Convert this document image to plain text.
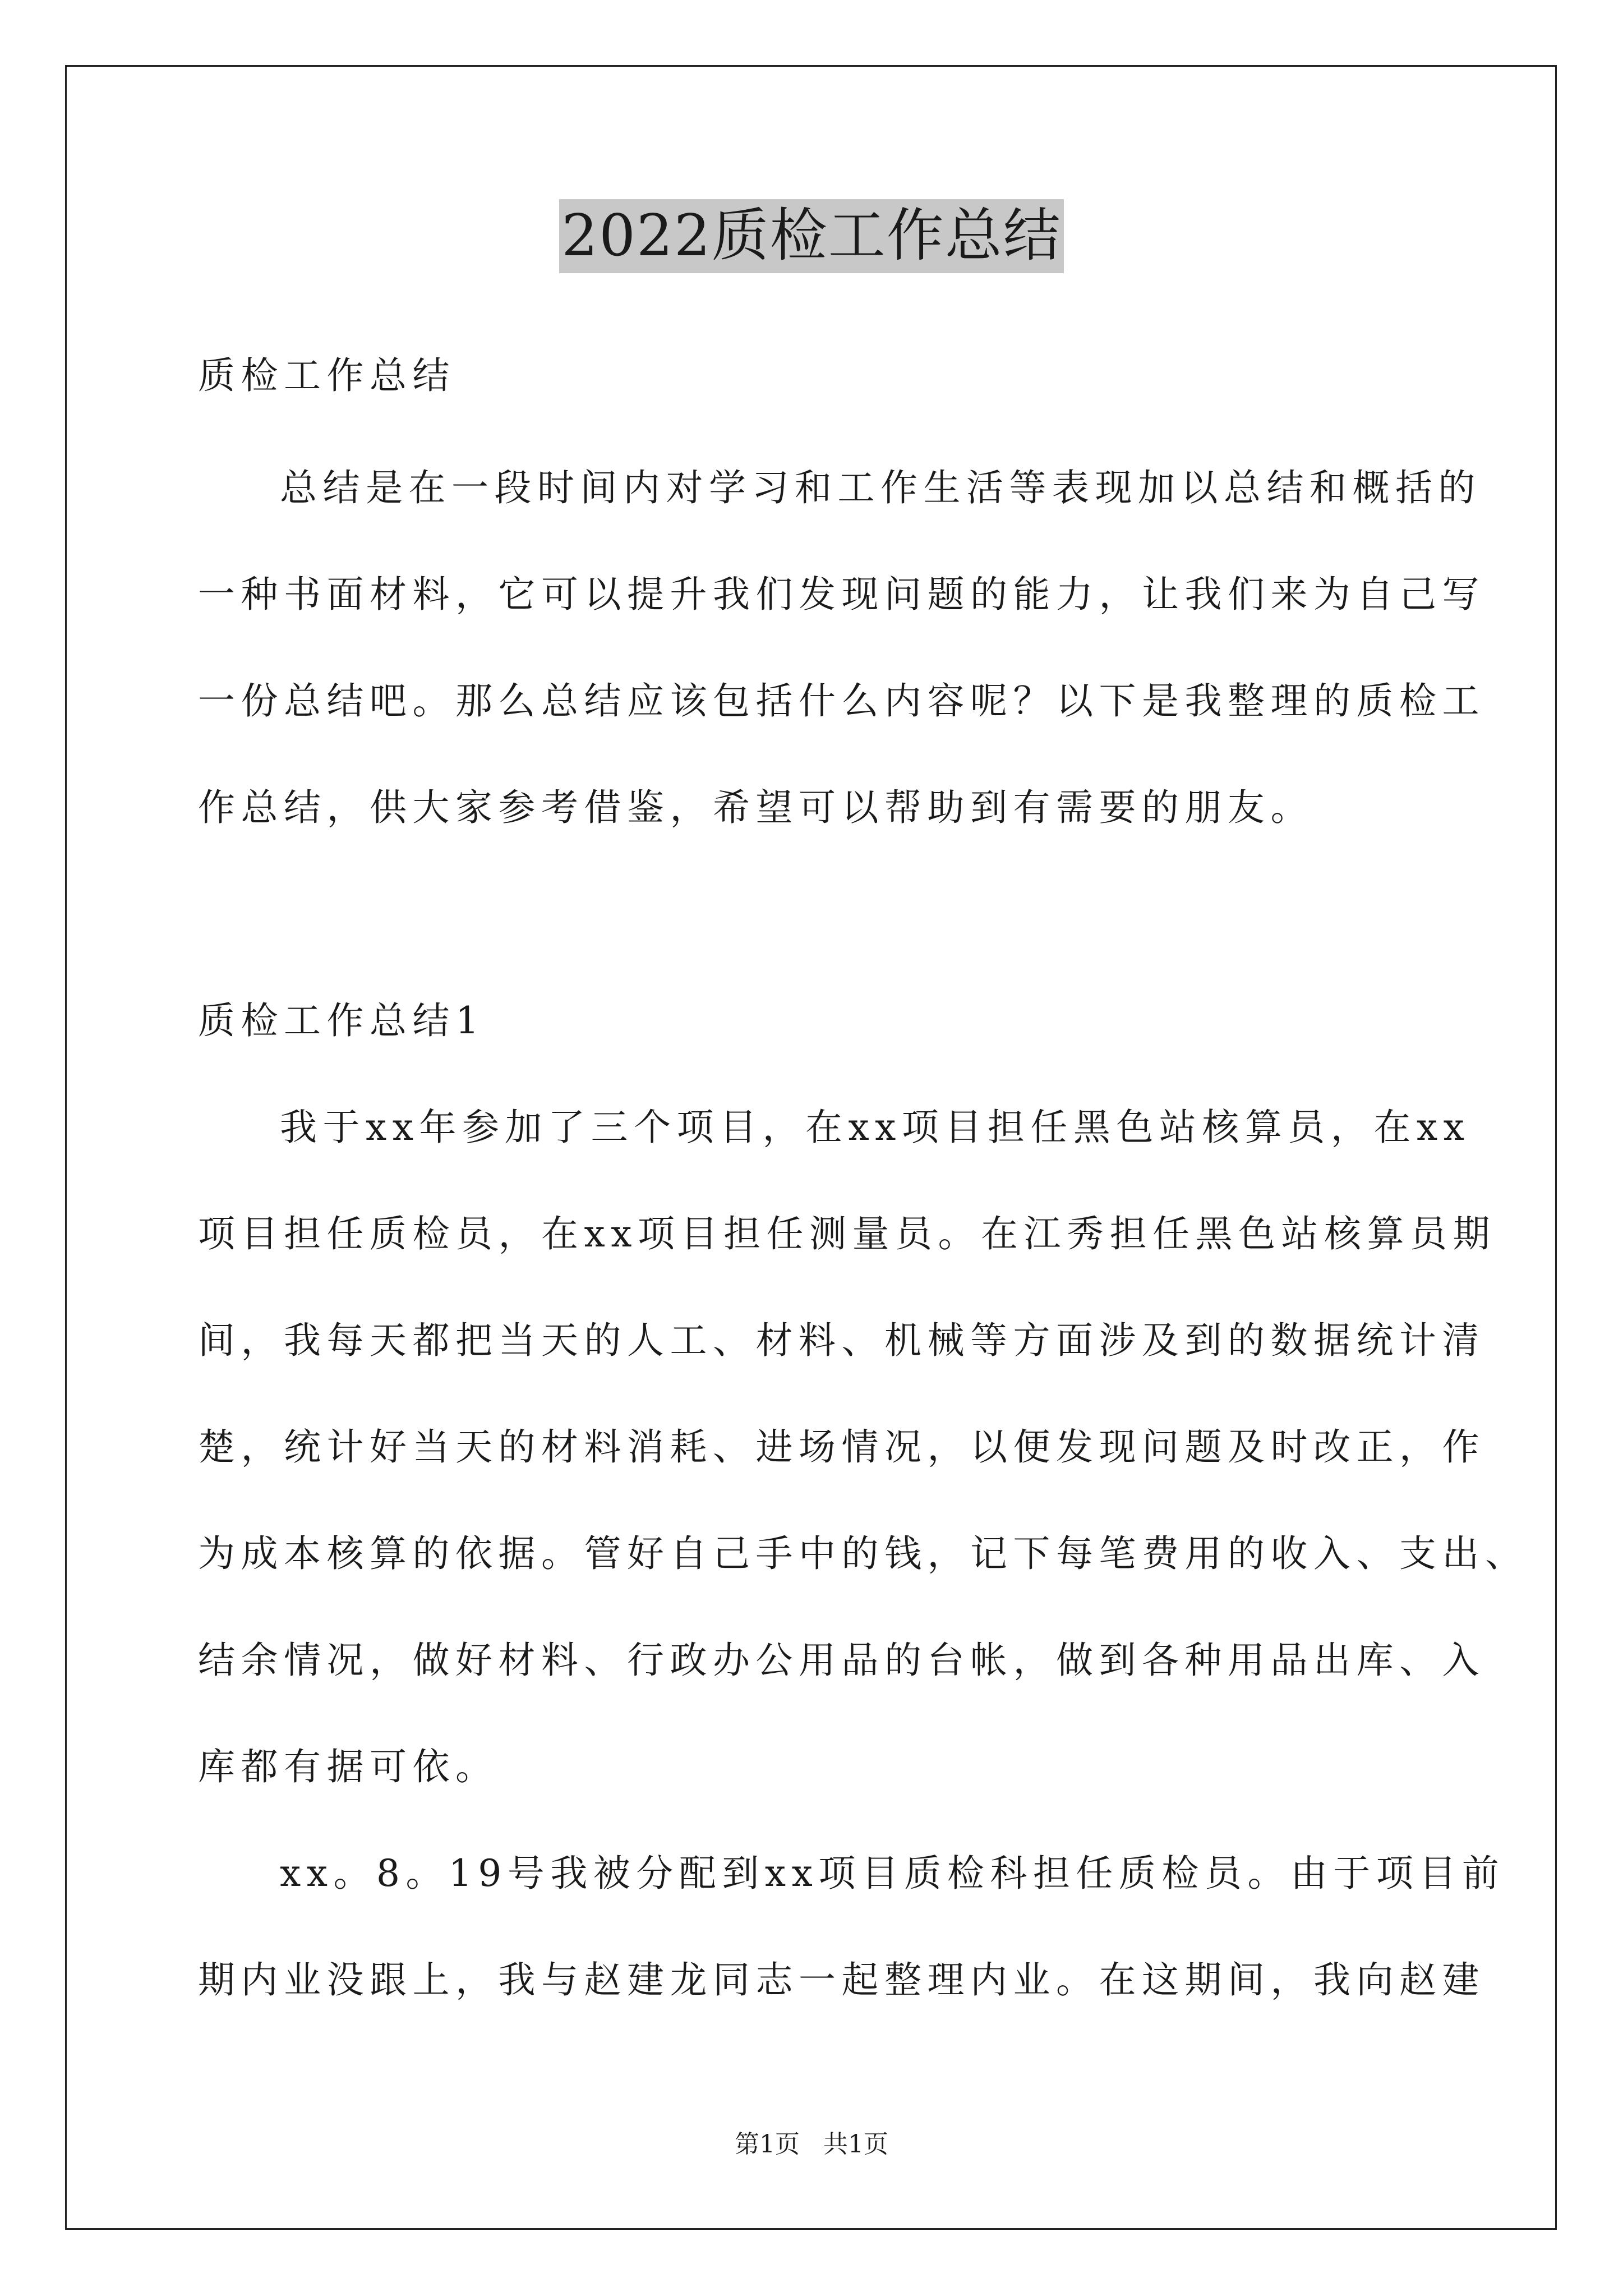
2022质检工作总结
质检工作总结
总结是在一段时间内对学习和工作生活等表现加以总结和概括的
一种书面材料，它可以提升我们发现问题的能力，让我们来为自己写
一份总结吧。那么总结应该包括什么内容呢？以下是我整理的质检工
作总结，供大家参考借鉴，希望可以帮助到有需要的朋友。
质检工作总结1
我于xx年参加了三个项目，在xx项目担任黑色站核算员，在xx
项目担任质检员，在xx项目担任测量员。在江秀担任黑色站核算员期
间，我每天都把当天的人工、材料、机械等方面涉及到的数据统计清
楚，统计好当天的材料消耗、进场情况，以便发现问题及时改正，作
为成本核算的依据。管好自己手中的钱，记下每笔费用的收入、支出、
结余情况，做好材料、行政办公用品的台帐，做到各种用品出库、入
库都有据可依。
xx。8。19号我被分配到xx项目质检科担任质检员。由于项目前
期内业没跟上，我与赵建龙同志一起整理内业。在这期间，我向赵建
第1页   共1页
